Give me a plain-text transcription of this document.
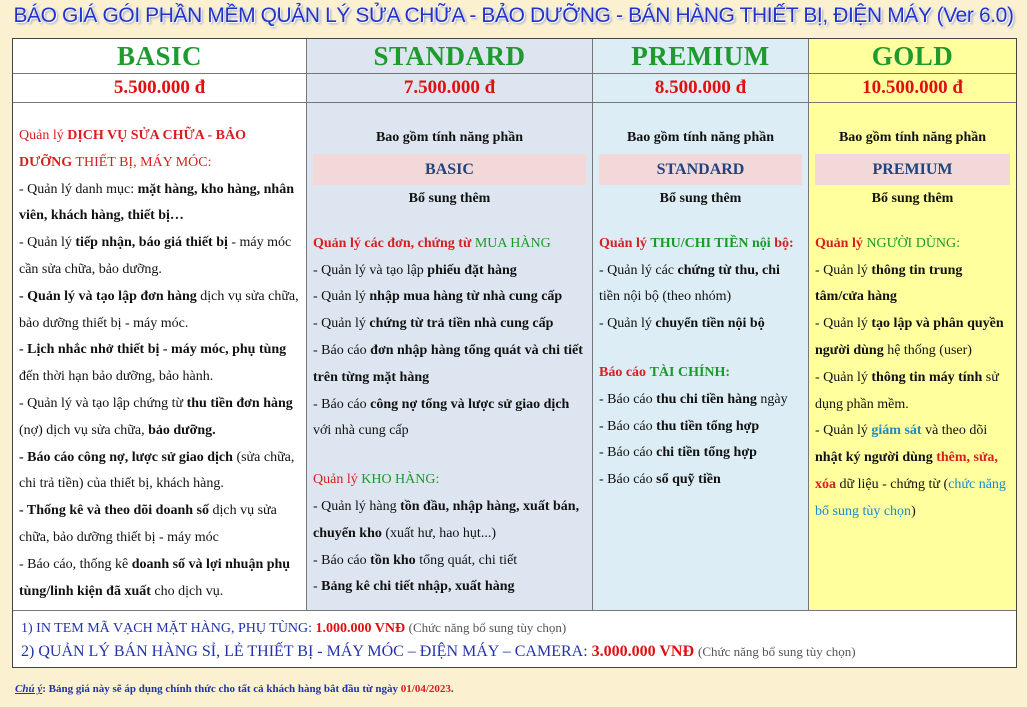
BÁO GIÁ GÓI PHẦN MỀM QUẢN LÝ SỬA CHỮA - BẢO DƯỠNG - BÁN HÀNG THIẾT BỊ, ĐIỆN MÁY (Ver 6.0)
BASIC
5.500.000 đ
Quản lý DỊCH VỤ SỬA CHỮA - BẢO DƯỠNG THIẾT BỊ, MÁY MÓC:
- Quản lý danh mục: mặt hàng, kho hàng, nhân viên, khách hàng, thiết bị…
- Quản lý tiếp nhận, báo giá thiết bị - máy móc cần sửa chữa, bảo dưỡng.
- Quản lý và tạo lập đơn hàng dịch vụ sửa chữa, bảo dưỡng thiết bị - máy móc.
- Lịch nhắc nhở thiết bị - máy móc, phụ tùng đến thời hạn bảo dưỡng, bảo hành.
- Quản lý và tạo lập chứng từ thu tiền đơn hàng (nợ) dịch vụ sửa chữa, bảo dưỡng.
- Báo cáo công nợ, lược sử giao dịch (sửa chữa, chi trả tiền) của thiết bị, khách hàng.
- Thống kê và theo dõi doanh số dịch vụ sửa chữa, bảo dưỡng thiết bị - máy móc
- Báo cáo, thống kê doanh số và lợi nhuận phụ tùng/linh kiện đã xuất cho dịch vụ.
STANDARD
7.500.000 đ
Bao gồm tính năng phần
BASIC
Bổ sung thêm
Quản lý các đơn, chứng từ MUA HÀNG
- Quản lý và tạo lập phiếu đặt hàng
- Quản lý nhập mua hàng từ nhà cung cấp
- Quản lý chứng từ trả tiền nhà cung cấp
- Báo cáo đơn nhập hàng tổng quát và chi tiết trên từng mặt hàng
- Báo cáo công nợ tổng và lược sử giao dịch với nhà cung cấp
Quản lý KHO HÀNG:
- Quản lý hàng tồn đầu, nhập hàng, xuất bán, chuyển kho (xuất hư, hao hụt...)
- Báo cáo tồn kho tổng quát, chi tiết
- Bảng kê chi tiết nhập, xuất hàng
PREMIUM
8.500.000 đ
Bao gồm tính năng phần
STANDARD
Bổ sung thêm
Quản lý THU/CHI TIỀN nội bộ:
- Quản lý các chứng từ thu, chi tiền nội bộ (theo nhóm)
- Quản lý chuyển tiền nội bộ
Báo cáo TÀI CHÍNH:
- Báo cáo thu chi tiền hàng ngày
- Báo cáo thu tiền tổng hợp
- Báo cáo chi tiền tổng hợp
- Báo cáo sổ quỹ tiền
GOLD
10.500.000 đ
Bao gồm tính năng phần
PREMIUM
Bổ sung thêm
Quản lý NGƯỜI DÙNG:
- Quản lý thông tin trung tâm/cửa hàng
- Quản lý tạo lập và phân quyền người dùng hệ thống (user)
- Quản lý thông tin máy tính sử dụng phần mềm.
- Quản lý giám sát và theo dõi nhật ký người dùng thêm, sửa, xóa dữ liệu - chứng từ (chức năng bổ sung tùy chọn)
1) IN TEM MÃ VẠCH MẶT HÀNG, PHỤ TÙNG: 1.000.000 VNĐ (Chức năng bổ sung tùy chọn)
2) QUẢN LÝ BÁN HÀNG SỈ, LẺ THIẾT BỊ - MÁY MÓC – ĐIỆN MÁY – CAMERA: 3.000.000 VNĐ (Chức năng bổ sung tùy chọn)
Chú ý: Bảng giá này sẽ áp dụng chính thức cho tất cả khách hàng bắt đầu từ ngày 01/04/2023.
